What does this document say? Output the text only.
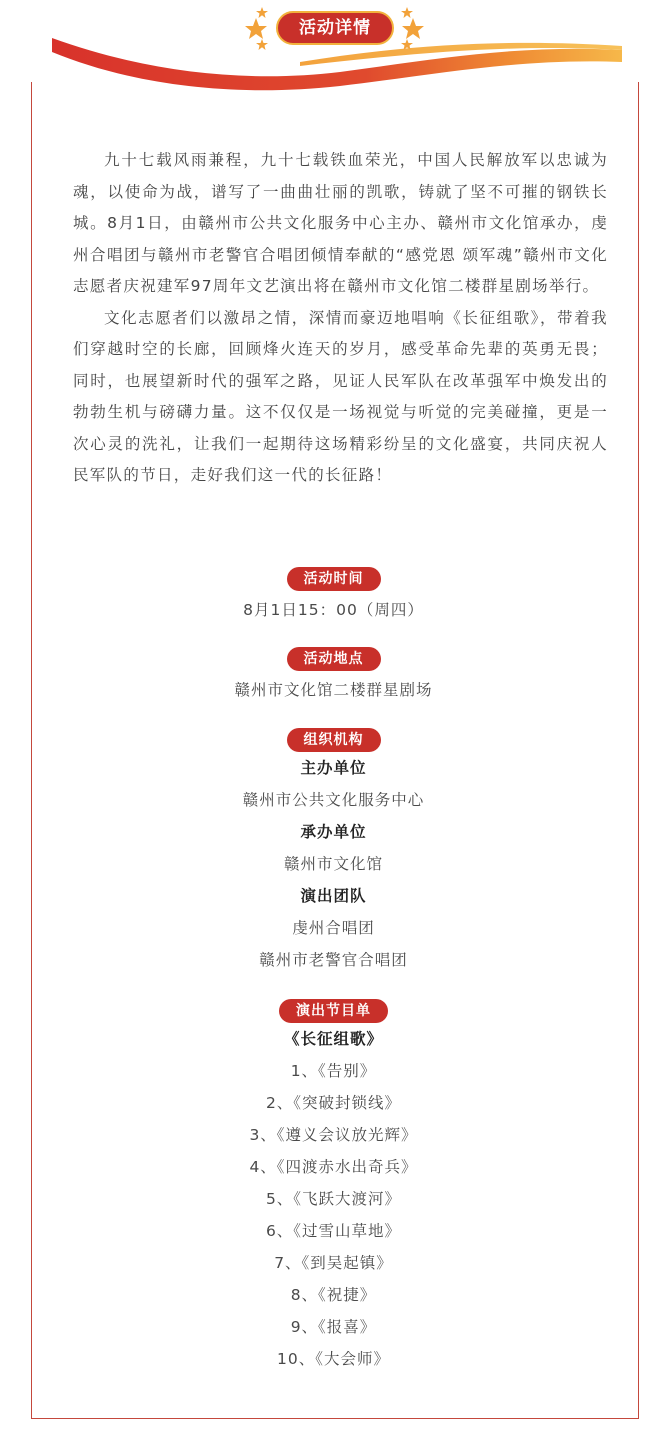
活动详情

九十七载风雨兼程，九十七载铁血荣光，中国人民解放军以忠诚为魂，以使命为战，谱写了一曲曲壮丽的凯歌，铸就了坚不可摧的钢铁长城。8月1日，由赣州市公共文化服务中心主办、赣州市文化馆承办，虔州合唱团与赣州市老警官合唱团倾情奉献的“感党恩 颂军魂”赣州市文化志愿者庆祝建军97周年文艺演出将在赣州市文化馆二楼群星剧场举行。

文化志愿者们以激昂之情，深情而豪迈地唱响《长征组歌》，带着我们穿越时空的长廊，回顾烽火连天的岁月，感受革命先辈的英勇无畏；同时，也展望新时代的强军之路，见证人民军队在改革强军中焕发出的勃勃生机与磅礴力量。这不仅仅是一场视觉与听觉的完美碰撞，更是一次心灵的洗礼，让我们一起期待这场精彩纷呈的文化盛宴，共同庆祝人民军队的节日，走好我们这一代的长征路！

活动时间
8月1日15：00（周四）
活动地点
赣州市文化馆二楼群星剧场
组织机构
主办单位
赣州市公共文化服务中心
承办单位
赣州市文化馆
演出团队
虔州合唱团
赣州市老警官合唱团
演出节目单
《长征组歌》
1、《告别》
2、《突破封锁线》
3、《遵义会议放光辉》
4、《四渡赤水出奇兵》
5、《飞跃大渡河》
6、《过雪山草地》
7、《到吴起镇》
8、《祝捷》
9、《报喜》
10、《大会师》
